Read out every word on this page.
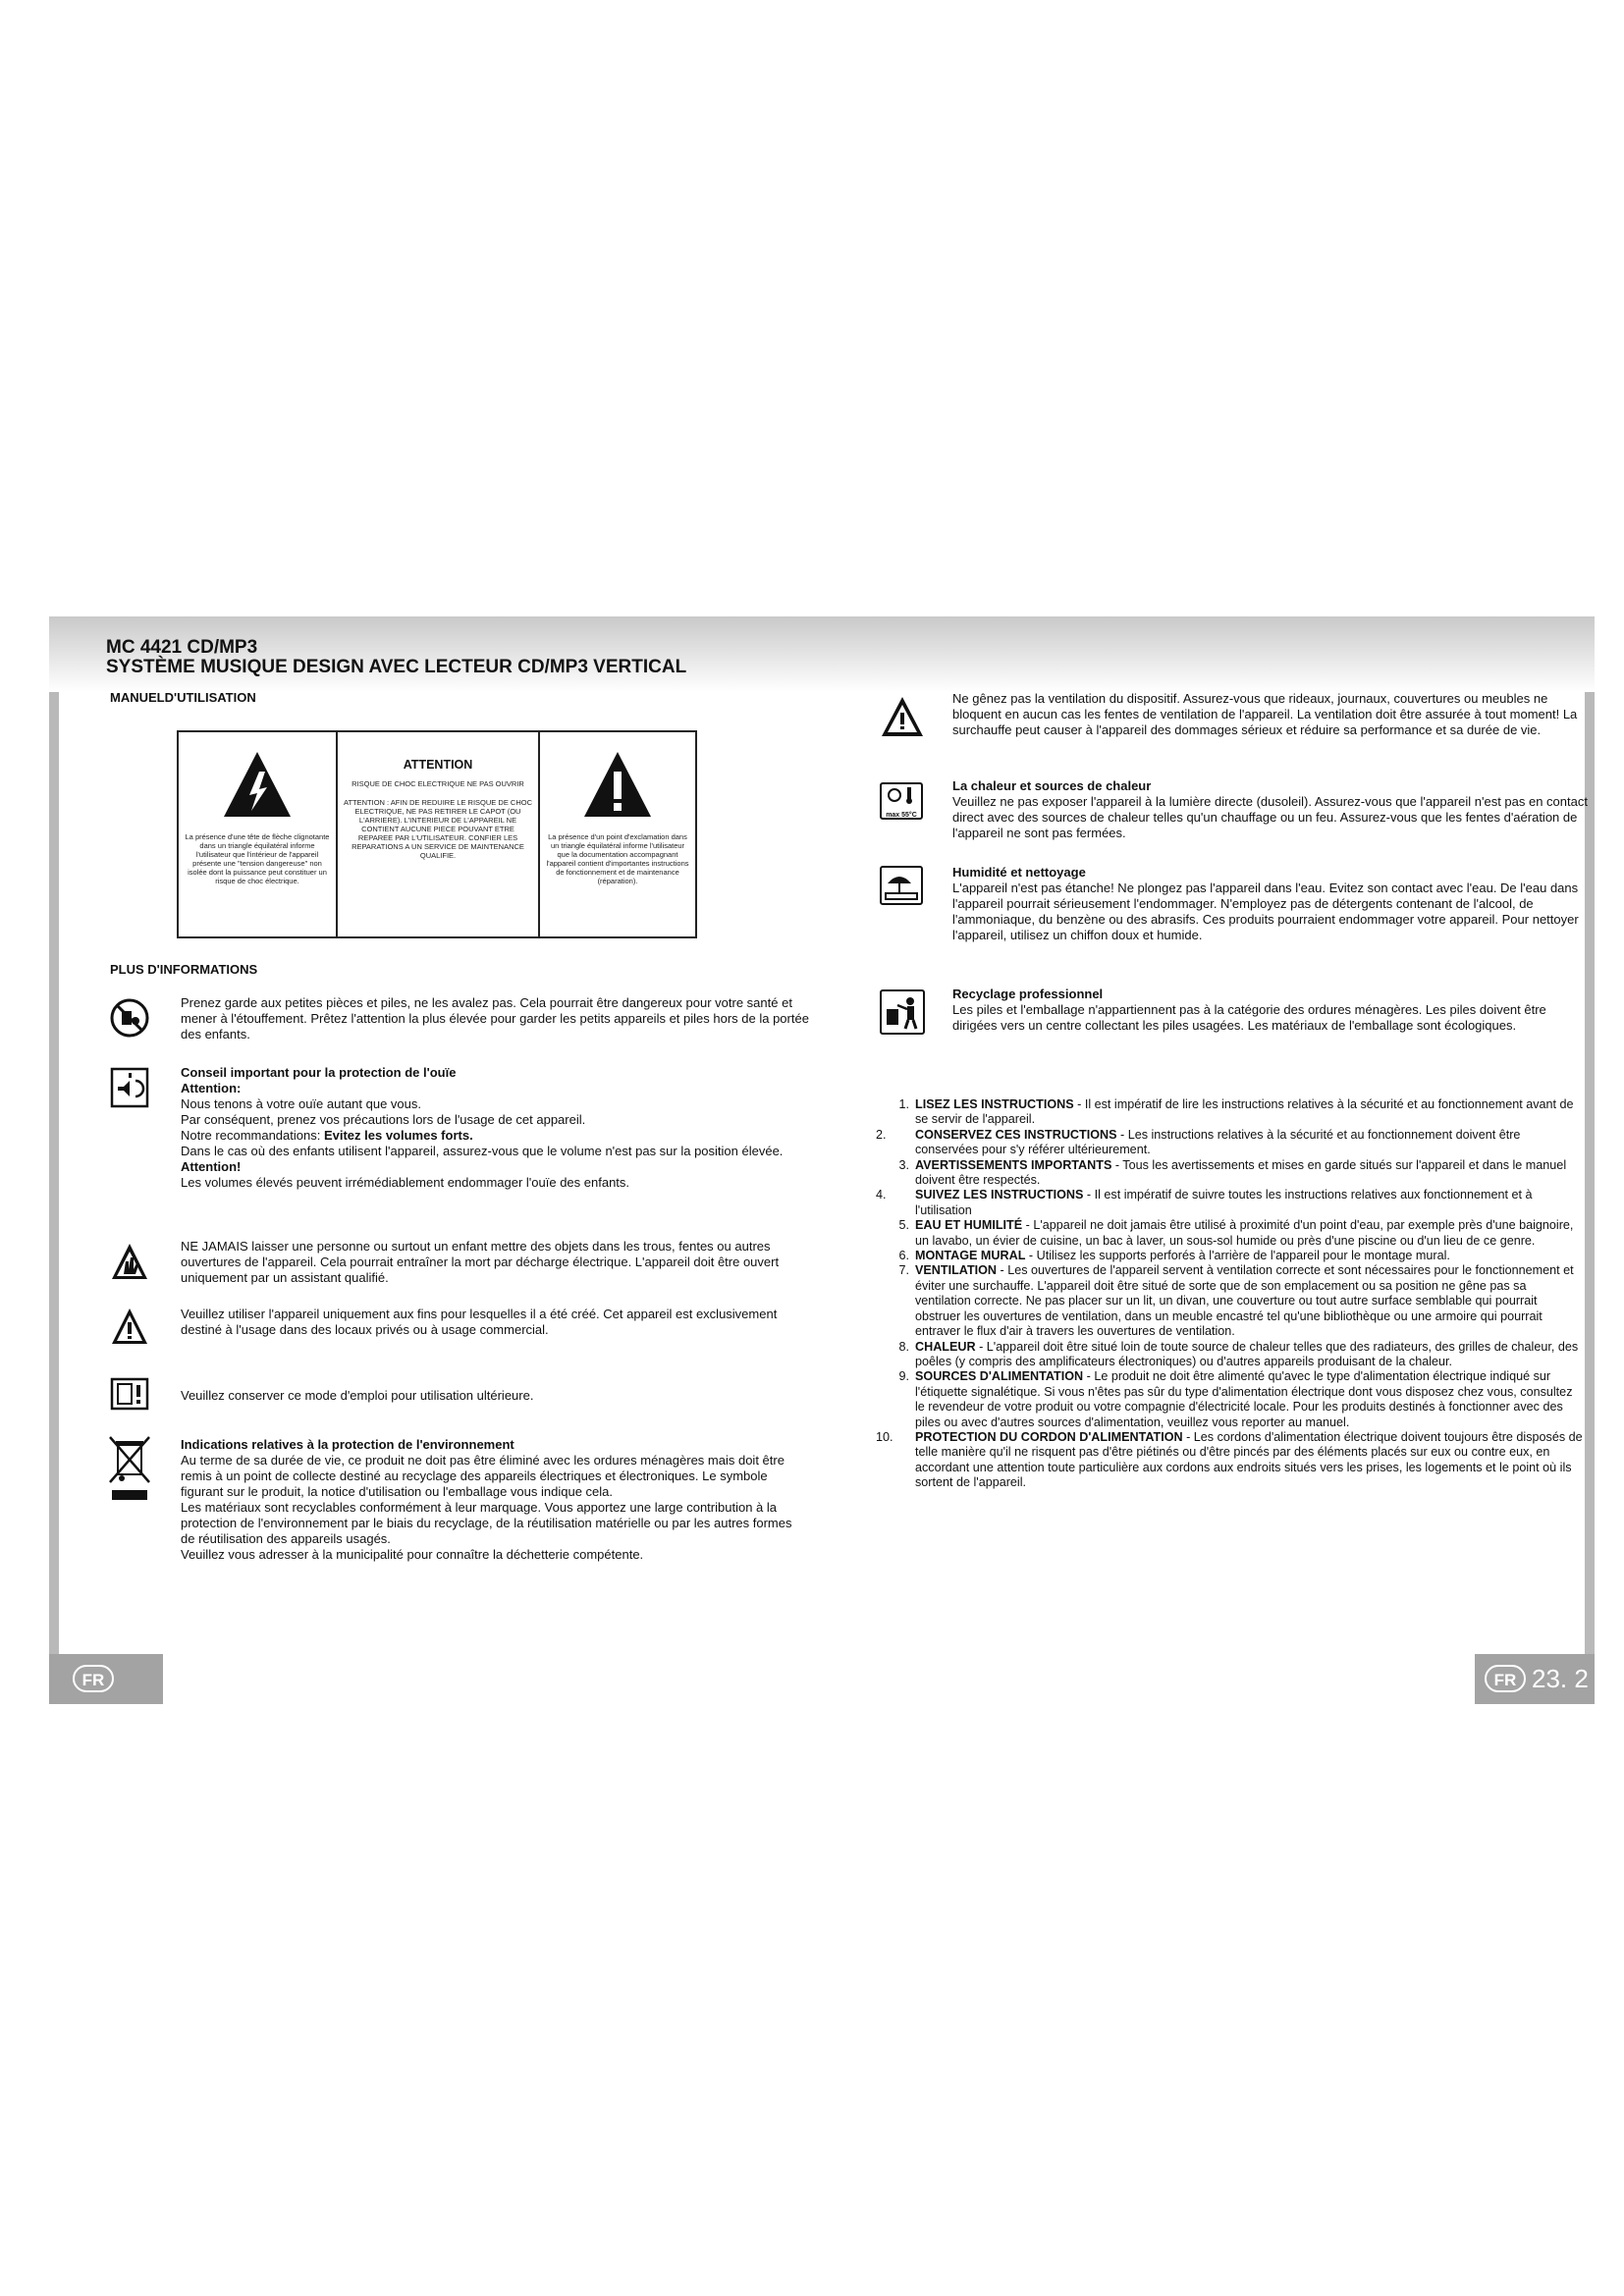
MC 4421 CD/MP3
SYSTÈME MUSIQUE DESIGN AVEC LECTEUR CD/MP3 VERTICAL
MANUELD'UTILISATION
La présence d'une tête de flèche clignotante dans un triangle équilatéral informe l'utilisateur que l'intérieur de l'appareil présente une "tension dangereuse" non isolée dont la puissance peut constituer un risque de choc électrique.
ATTENTION
RISQUE DE CHOC ELECTRIQUE NE PAS OUVRIR
ATTENTION : AFIN DE REDUIRE LE RISQUE DE CHOC ELECTRIQUE, NE PAS RETIRER LE CAPOT (OU L'ARRIERE). L'INTERIEUR DE L'APPAREIL NE CONTIENT AUCUNE PIECE POUVANT ETRE REPAREE PAR L'UTILISATEUR. CONFIER LES REPARATIONS A UN SERVICE DE MAINTENANCE QUALIFIE.
La présence d'un point d'exclamation dans un triangle équilatéral informe l'utilisateur que la documentation accompagnant l'appareil contient d'importantes instructions de fonctionnement et de maintenance (réparation).
PLUS D'INFORMATIONS
Prenez garde aux petites pièces et piles, ne les avalez pas. Cela pourrait être dangereux pour votre santé et mener à l'étouffement. Prêtez l'attention la plus élevée pour garder les petits appareils et piles hors de la portée des enfants.

Conseil important pour la protection de l'ouïe

Attention:

Nous tenons à votre ouïe autant que vous.

Par conséquent, prenez vos précautions lors de l'usage de cet appareil.

Notre recommandations: Evitez les volumes forts.

Dans le cas où des enfants utilisent l'appareil, assurez-vous que le volume n'est pas sur la position élevée.

Attention!

Les volumes élevés peuvent irrémédiablement endommager l'ouïe des enfants.

NE JAMAIS laisser une personne ou surtout un enfant mettre des objets dans les trous, fentes ou autres ouvertures de l'appareil. Cela pourrait entraîner la mort par décharge électrique. L'appareil doit être ouvert uniquement par un assistant qualifié.
Veuillez utiliser l'appareil uniquement aux fins pour lesquelles il a été créé. Cet appareil est exclusivement destiné à l'usage dans des locaux privés ou à usage commercial.
Veuillez conserver ce mode d'emploi pour utilisation ultérieure.

Indications relatives à la protection de l'environnement

Au terme de sa durée de vie, ce produit ne doit pas être éliminé avec les ordures ménagères mais doit être remis à un point de collecte destiné au recyclage des appareils électriques et électroniques. Le symbole figurant sur le produit, la notice d'utilisation ou l'emballage vous indique cela.

Les matériaux sont recyclables conformément à leur marquage. Vous apportez une large contribution à la protection de l'environnement par le biais du recyclage, de la réutilisation matérielle ou par les autres formes de réutilisation des appareils usagés.

Veuillez vous adresser à la municipalité pour connaître la déchetterie compétente.

Ne gênez pas la ventilation du dispositif. Assurez-vous que rideaux, journaux, couvertures ou meubles ne bloquent en aucun cas les fentes de ventilation de l'appareil. La ventilation doit être assurée à tout moment! La surchauffe peut causer à l'appareil des dommages sérieux et réduire sa performance et sa durée de vie.
max 55°C

La chaleur et sources de chaleur

Veuillez ne pas exposer l'appareil à la lumière directe (dusoleil). Assurez-vous que l'appareil n'est pas en contact direct avec des sources de chaleur telles qu'un chauffage ou un feu. Assurez-vous que les fentes d'aération de l'appareil ne sont pas fermées.

Humidité et nettoyage

L'appareil n'est pas étanche! Ne plongez pas l'appareil dans l'eau. Evitez son contact avec l'eau. De l'eau dans l'appareil pourrait sérieusement l'endommager. N'employez pas de détergents contenant de l'alcool, de l'ammoniaque, du benzène ou des abrasifs. Ces produits pourraient endommager votre appareil. Pour nettoyer l'appareil, utilisez un chiffon doux et humide.

Recyclage professionnel

Les piles et l'emballage n'appartiennent pas à la catégorie des ordures ménagères. Les piles doivent être dirigées vers un centre collectant les piles usagées. Les matériaux de l'emballage sont écologiques.

1. LISEZ LES INSTRUCTIONS - Il est impératif de lire les instructions relatives à la sécurité et au fonctionnement avant de se servir de l'appareil.
2. CONSERVEZ CES INSTRUCTIONS - Les instructions relatives à la sécurité et au fonctionnement doivent être conservées pour s'y référer ultérieurement.
3. AVERTISSEMENTS IMPORTANTS - Tous les avertissements et mises en garde situés sur l'appareil et dans le manuel doivent être respectés.
4. SUIVEZ LES INSTRUCTIONS - Il est impératif de suivre toutes les instructions relatives aux fonctionnement et à l'utilisation
5. EAU ET HUMILITÉ - L'appareil ne doit jamais être utilisé à proximité d'un point d'eau, par exemple près d'une baignoire, un lavabo, un évier de cuisine, un bac à laver, un sous-sol humide ou près d'une piscine ou d'un lieu de ce genre.
6. MONTAGE MURAL - Utilisez les supports perforés à l'arrière de l'appareil pour le montage mural.
7. VENTILATION - Les ouvertures de l'appareil servent à ventilation correcte et sont nécessaires pour le fonctionnement et éviter une surchauffe. L'appareil doit être situé de sorte que de son emplacement ou sa position ne gêne pas sa ventilation correcte. Ne pas placer sur un lit, un divan, une couverture ou tout autre surface semblable qui pourrait obstruer les ouvertures de ventilation, dans un meuble encastré tel qu'une bibliothèque ou une armoire qui pourrait entraver le flux d'air à travers les ouvertures de ventilation.
8. CHALEUR - L'appareil doit être situé loin de toute source de chaleur telles que des radiateurs, des grilles de chaleur, des poêles (y compris des amplificateurs électroniques) ou d'autres appareils produisant de la chaleur.
9. SOURCES D'ALIMENTATION - Le produit ne doit être alimenté qu'avec le type d'alimentation électrique indiqué sur l'étiquette signalétique. Si vous n'êtes pas sûr du type d'alimentation électrique dont vous disposez chez vous, consultez le revendeur de votre produit ou votre compagnie d'électricité locale. Pour les produits destinés à fonctionner avec des piles ou avec d'autres sources d'alimentation, veuillez vous reporter au manuel.
10. PROTECTION DU CORDON D'ALIMENTATION - Les cordons d'alimentation électrique doivent toujours être disposés de telle manière qu'il ne risquent pas d'être piétinés ou d'être pincés par des éléments placés sur eux ou contre eux, en accordant une attention toute particulière aux cordons aux endroits situés vers les prises, les logements et le point où ils sortent de l'appareil.
FR	FR 23. 2
